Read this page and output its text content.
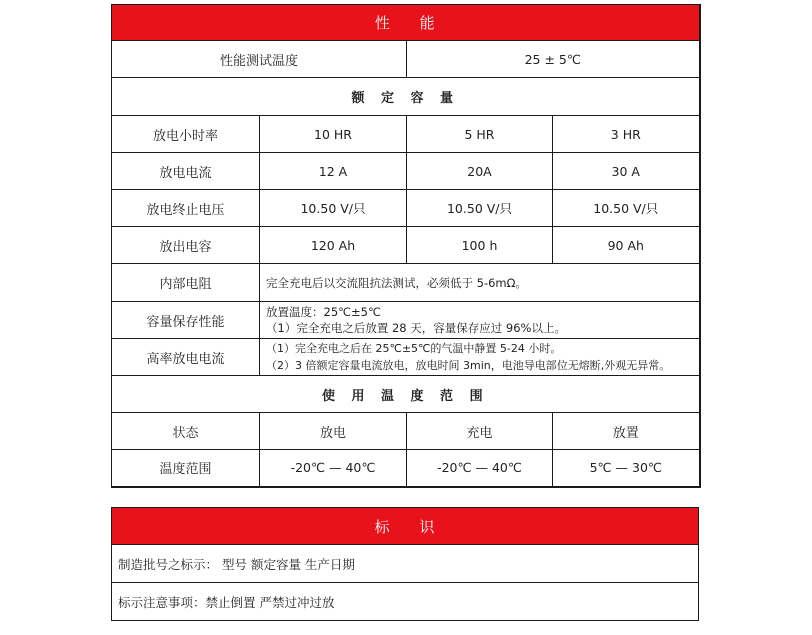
性 能			
性能测试温度		25 ± 5℃	
额 定 容 量			
放电小时率	10 HR	5 HR	3 HR
放电电流	12 A	20A	30 A
放电终止电压	10.50 V/只	10.50 V/只	10.50 V/只
放出电容	120 Ah	100 h	90 Ah
内部电阻	完全充电后以交流阻抗法测试，必须低于 5-6mΩ。		
容量保存性能	放置温度：25℃±5℃
（1）完全充电之后放置 28 天，容量保存应过 96%以上。		

高率放电电流	（1）完全充电之后在 25℃±5℃的气温中静置 5-24 小时。
（2）3 倍额定容量电流放电，放电时间 3min，电池导电部位无熔断,外观无异常。		

使 用 温 度 范 围			
状态	放电	充电	放置
温度范围	-20℃ — 40℃	-20℃ — 40℃	5℃ — 30℃
标 识
制造批号之标示： 型号 额定容量 生产日期
标示注意事项：禁止倒置 严禁过冲过放
